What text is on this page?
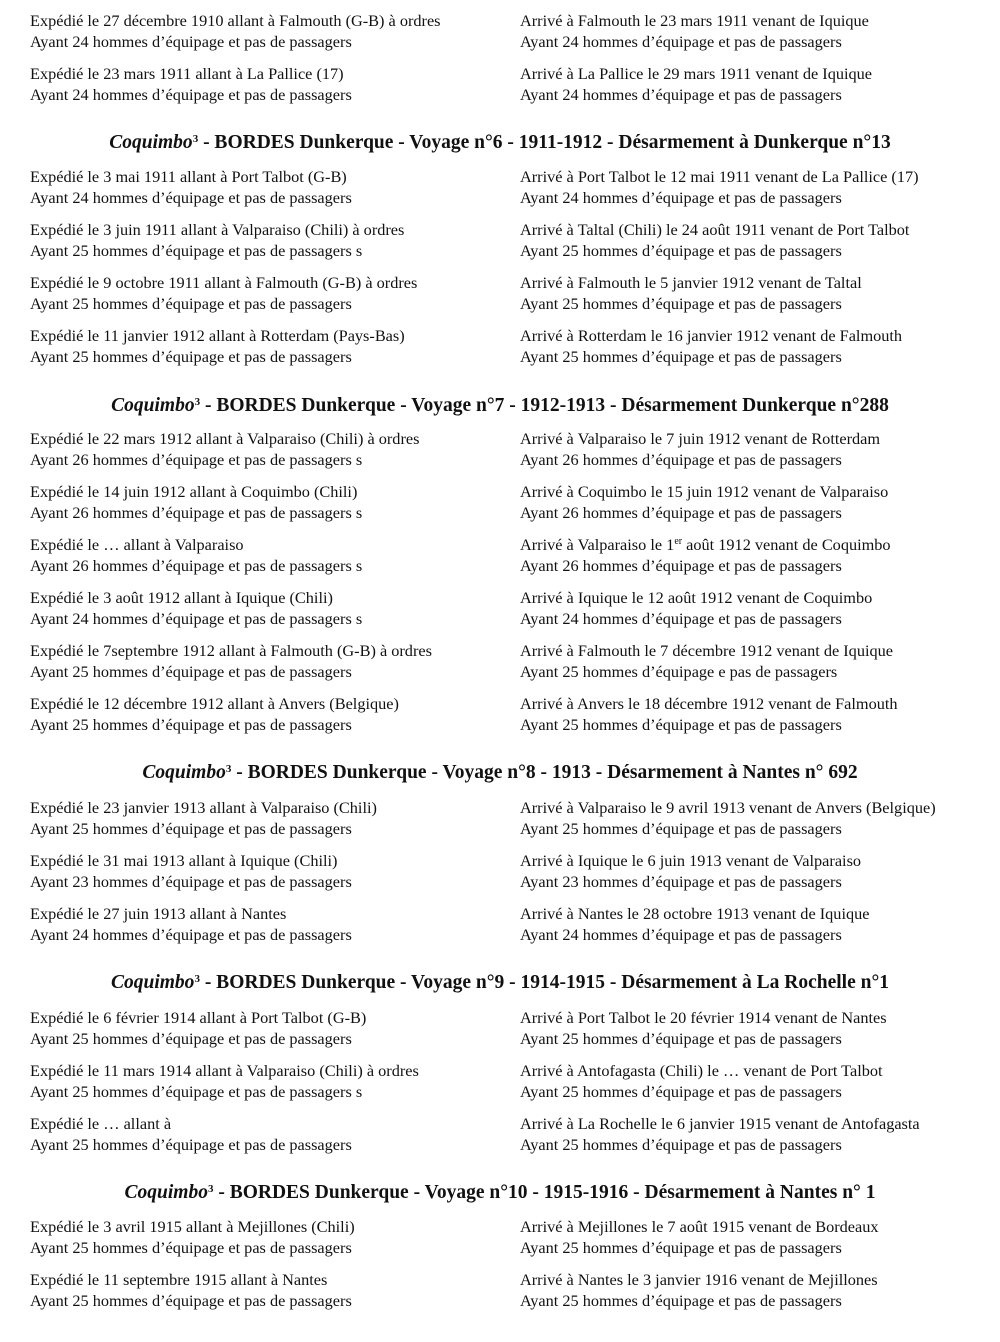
Expédié le 27 décembre 1910 allant à Falmouth (G-B) à ordres
Ayant 24 hommes d’équipage et pas de passagers
Arrivé à Falmouth le 23 mars 1911 venant de Iquique
Ayant 24 hommes d’équipage et pas de passagers
Expédié le 23 mars 1911 allant à La Pallice (17)
Ayant 24 hommes d’équipage et pas de passagers
Arrivé à La Pallice le 29 mars 1911 venant de Iquique
Ayant 24 hommes d’équipage et pas de passagers
Coquimbo$^3$ - BORDES Dunkerque - Voyage n°6 - 1911-1912 - Désarmement à Dunkerque n°13
Expédié le 3 mai 1911 allant à Port Talbot (G-B)
Ayant 24 hommes d’équipage et pas de passagers
Arrivé à Port Talbot le 12 mai 1911 venant de La Pallice (17)
Ayant 24 hommes d’équipage et pas de passagers
Expédié le 3 juin 1911 allant à Valparaiso (Chili) à ordres
Ayant 25 hommes d’équipage et pas de passagers s
Arrivé à Taltal (Chili) le 24 août 1911 venant de Port Talbot
Ayant 25 hommes d’équipage et pas de passagers
Expédié le 9 octobre 1911 allant à Falmouth (G-B) à ordres
Ayant 25 hommes d’équipage et pas de passagers
Arrivé à Falmouth le 5 janvier 1912 venant de Taltal
Ayant 25 hommes d’équipage et pas de passagers
Expédié le 11 janvier 1912 allant à Rotterdam (Pays-Bas)
Ayant 25 hommes d’équipage et pas de passagers
Arrivé à Rotterdam le 16 janvier 1912 venant de Falmouth
Ayant 25 hommes d’équipage et pas de passagers
Coquimbo$^3$ - BORDES Dunkerque - Voyage n°7 - 1912-1913 - Désarmement Dunkerque n°288
Expédié le 22 mars 1912 allant à Valparaiso (Chili) à ordres
Ayant 26 hommes d’équipage et pas de passagers s
Arrivé à Valparaiso le 7 juin 1912 venant de Rotterdam
Ayant 26 hommes d’équipage et pas de passagers
Expédié le 14 juin 1912 allant à Coquimbo (Chili)
Ayant 26 hommes d’équipage et pas de passagers s
Arrivé à Coquimbo le 15 juin 1912 venant de Valparaiso
Ayant 26 hommes d’équipage et pas de passagers
Expédié le … allant à Valparaiso
Ayant 26 hommes d’équipage et pas de passagers s
Arrivé à Valparaiso le 1er août 1912 venant de Coquimbo
Ayant 26 hommes d’équipage et pas de passagers
Expédié le 3 août 1912 allant à Iquique (Chili)
Ayant 24 hommes d’équipage et pas de passagers s
Arrivé à Iquique le 12 août 1912 venant de Coquimbo
Ayant 24 hommes d’équipage et pas de passagers
Expédié le 7septembre 1912 allant à Falmouth (G-B) à ordres
Ayant 25 hommes d’équipage et pas de passagers
Arrivé à Falmouth le 7 décembre 1912 venant de Iquique
Ayant 25 hommes d’équipage e pas de passagers
Expédié le 12 décembre 1912 allant à Anvers (Belgique)
Ayant 25 hommes d’équipage et pas de passagers
Arrivé à Anvers le 18 décembre 1912 venant de Falmouth
Ayant 25 hommes d’équipage et pas de passagers
Coquimbo$^3$ - BORDES Dunkerque - Voyage n°8 - 1913 - Désarmement à Nantes n° 692
Expédié le 23 janvier 1913 allant à Valparaiso (Chili)
Ayant 25 hommes d’équipage et pas de passagers
Arrivé à Valparaiso le 9 avril 1913 venant de Anvers (Belgique)
Ayant 25 hommes d’équipage et pas de passagers
Expédié le 31 mai 1913 allant à Iquique (Chili)
Ayant 23 hommes d’équipage et pas de passagers
Arrivé à Iquique le 6 juin 1913 venant de Valparaiso
Ayant 23 hommes d’équipage et pas de passagers
Expédié le 27 juin 1913 allant à Nantes
Ayant 24 hommes d’équipage et pas de passagers
Arrivé à Nantes le 28 octobre 1913 venant de Iquique
Ayant 24 hommes d’équipage et pas de passagers
Coquimbo$^3$ - BORDES Dunkerque - Voyage n°9 - 1914-1915 - Désarmement à La Rochelle n°1
Expédié le 6 février 1914 allant à Port Talbot (G-B)
Ayant 25 hommes d’équipage et pas de passagers
Arrivé à Port Talbot le 20 février 1914 venant de Nantes
Ayant 25 hommes d’équipage et pas de passagers
Expédié le 11 mars 1914 allant à Valparaiso (Chili) à ordres
Ayant 25 hommes d’équipage et pas de passagers s
Arrivé à Antofagasta (Chili) le … venant de Port Talbot
Ayant 25 hommes d’équipage et pas de passagers
Expédié le … allant à
Ayant 25 hommes d’équipage et pas de passagers
Arrivé à La Rochelle le 6 janvier 1915 venant de Antofagasta
Ayant 25 hommes d’équipage et pas de passagers
Coquimbo$^3$ - BORDES Dunkerque - Voyage n°10 - 1915-1916 - Désarmement à Nantes n° 1
Expédié le 3 avril 1915 allant à Mejillones (Chili)
Ayant 25 hommes d’équipage et pas de passagers
Arrivé à Mejillones le 7 août 1915 venant de Bordeaux
Ayant 25 hommes d’équipage et pas de passagers
Expédié le 11 septembre 1915 allant à Nantes
Ayant 25 hommes d’équipage et pas de passagers
Arrivé à Nantes le 3 janvier 1916 venant de Mejillones
Ayant 25 hommes d’équipage et pas de passagers
